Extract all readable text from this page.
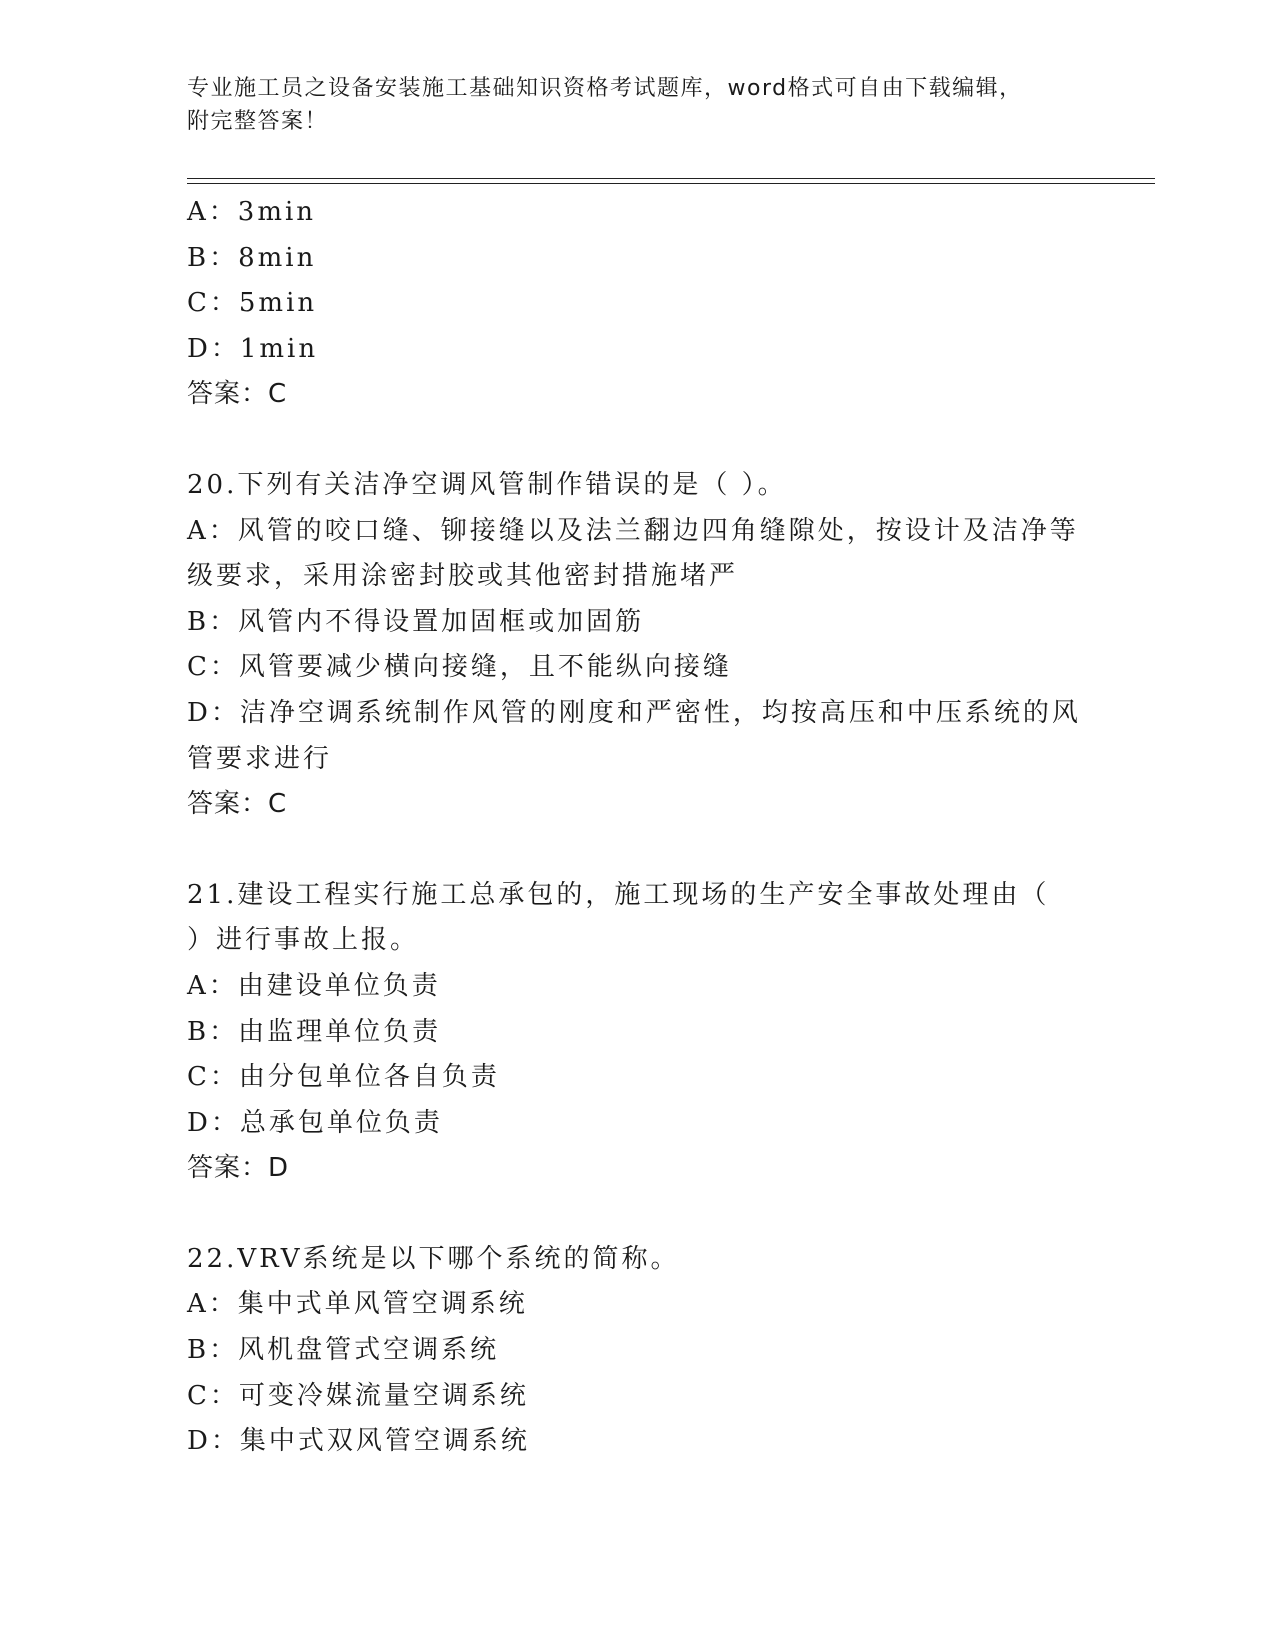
专业施工员之设备安装施工基础知识资格考试题库，word格式可自由下载编辑，
附完整答案！
A：3min
B：8min
C：5min
D：1min
答案：C
20.下列有关洁净空调风管制作错误的是（ ）。
A：风管的咬口缝、铆接缝以及法兰翻边四角缝隙处，按设计及洁净等
级要求，采用涂密封胶或其他密封措施堵严
B：风管内不得设置加固框或加固筋
C：风管要减少横向接缝，且不能纵向接缝
D：洁净空调系统制作风管的刚度和严密性，均按高压和中压系统的风
管要求进行
答案：C
21.建设工程实行施工总承包的，施工现场的生产安全事故处理由（
）进行事故上报。
A：由建设单位负责
B：由监理单位负责
C：由分包单位各自负责
D：总承包单位负责
答案：D
22.VRV系统是以下哪个系统的简称。
A：集中式单风管空调系统
B：风机盘管式空调系统
C：可变冷媒流量空调系统
D：集中式双风管空调系统
